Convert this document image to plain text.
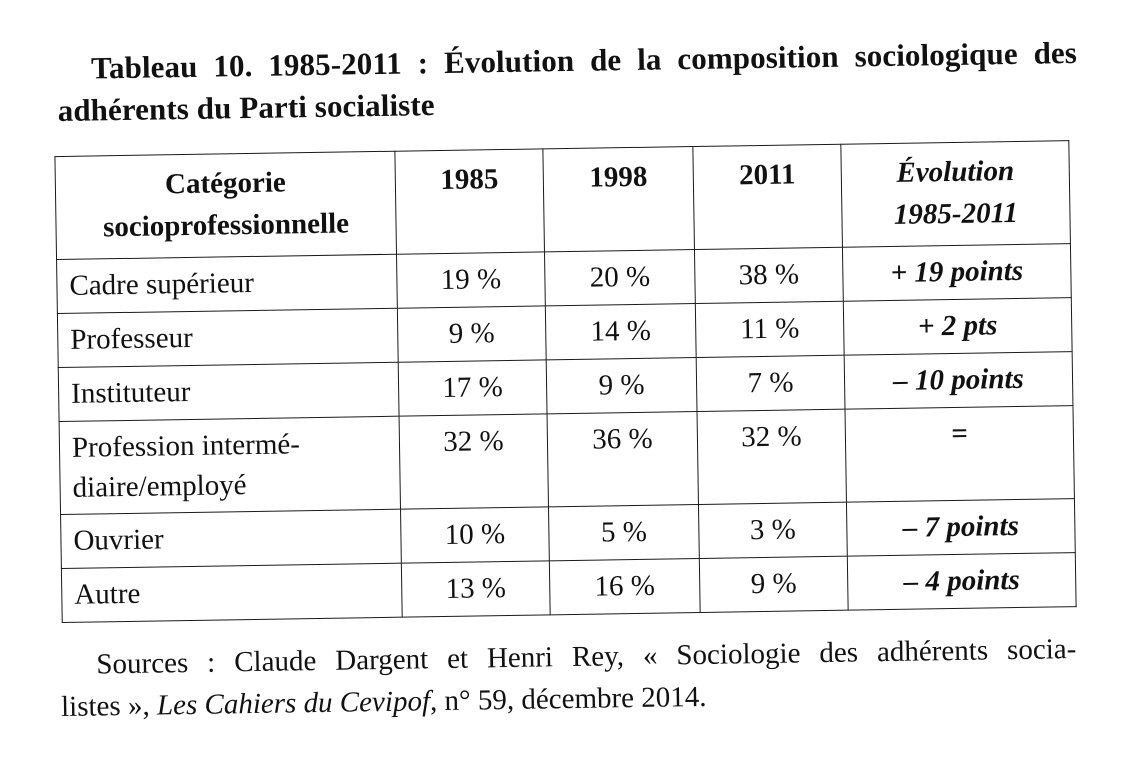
Tableau 10. 1985-2011 : Évolution de la composition sociologique des
adhérents du Parti socialiste
Catégorie
socioprofessionnelle	1985	1998	2011	Évolution
1985-2011
Cadre supérieur	19 %	20 %	38 %	+ 19 points
Professeur	9 %	14 %	11 %	+ 2 pts
Instituteur	17 %	9 %	7 %	– 10 points
Profession intermé-
diaire/employé	32 %	36 %	32 %	=
Ouvrier	10 %	5 %	3 %	– 7 points
Autre	13 %	16 %	9 %	– 4 points
Sources : Claude Dargent et Henri Rey, « Sociologie des adhérents socia-
listes », Les Cahiers du Cevipof, n° 59, décembre 2014.
